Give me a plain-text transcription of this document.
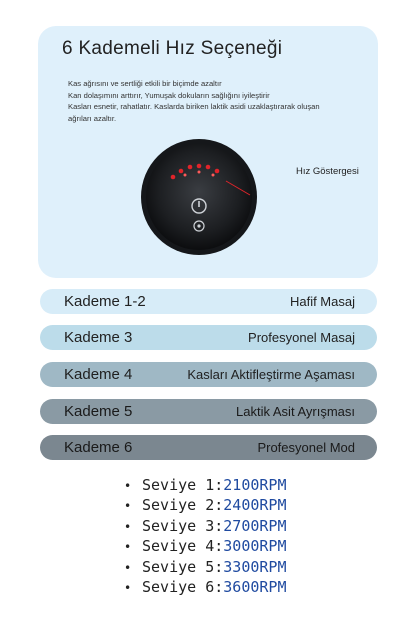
6 Kademeli Hız Seçeneği
Kas ağrısını ve sertliği etkili bir biçimde azaltır
Kan dolaşımını arttırır, Yumuşak dokuların sağlığını iyileştirir
Kasları esnetir, rahatlatır. Kaslarda biriken laktik asidi uzaklaştırarak oluşan
ağrıları azaltır.
Hız Göstergesi
Kademe 1-2	Hafif Masaj
Kademe 3	Profesyonel Masaj
Kademe 4	Kasları Aktifleştirme Aşaması
Kademe 5	Laktik Asit Ayrışması
Kademe 6	Profesyonel Mod
• Seviye 1:2100RPM
• Seviye 2:2400RPM
• Seviye 3:2700RPM
• Seviye 4:3000RPM
• Seviye 5:3300RPM
• Seviye 6:3600RPM
